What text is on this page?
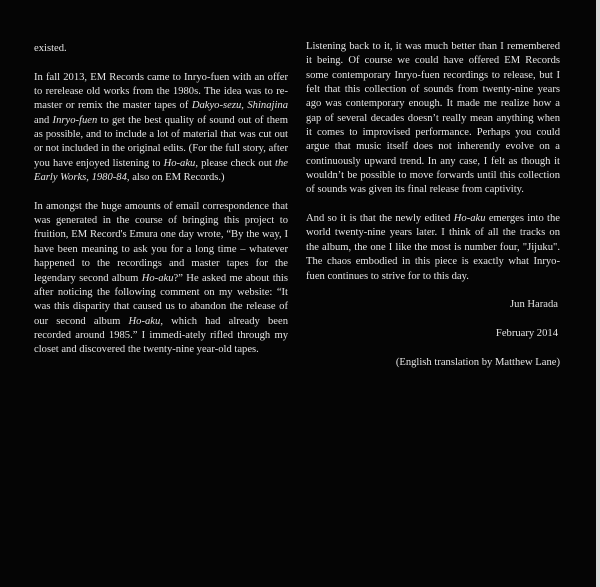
existed.

In fall 2013, EM Records came to Inryo-fuen with an offer to rerelease old works from the 1980s. The idea was to re-master or remix the master tapes of Dakyo-sezu, Shinajina and Inryo-fuen to get the best quality of sound out of them as possible, and to include a lot of material that was cut out or not included in the original edits. (For the full story, after you have enjoyed listening to Ho-aku, please check out the Early Works, 1980-84, also on EM Records.)

In amongst the huge amounts of email correspondence that was generated in the course of bringing this project to fruition, EM Record's Emura one day wrote, “By the way, I have been meaning to ask you for a long time – whatever happened to the recordings and master tapes for the legendary second album Ho-aku?” He asked me about this after noticing the following comment on my website: “It was this disparity that caused us to abandon the release of our second album Ho-aku, which had already been recorded around 1985.” I immedi-ately rifled through my closet and discovered the twenty-nine year-old tapes.

Listening back to it, it was much better than I remembered it being. Of course we could have offered EM Records some contemporary Inryo-fuen recordings to release, but I felt that this collection of sounds from twenty-nine years ago was contemporary enough. It made me realize how a gap of several decades doesn’t really mean anything when it comes to improvised performance. Perhaps you could argue that music itself does not inherently evolve on a continuously upward trend. In any case, I felt as though it wouldn’t be possible to move forwards until this collection of sounds was given its final release from captivity.

And so it is that the newly edited Ho-aku emerges into the world twenty-nine years later. I think of all the tracks on the album, the one I like the most is number four, "Jijuku". The chaos embodied in this piece is exactly what Inryo-fuen continues to strive for to this day.

Jun Harada

February 2014

(English translation by Matthew Lane)
